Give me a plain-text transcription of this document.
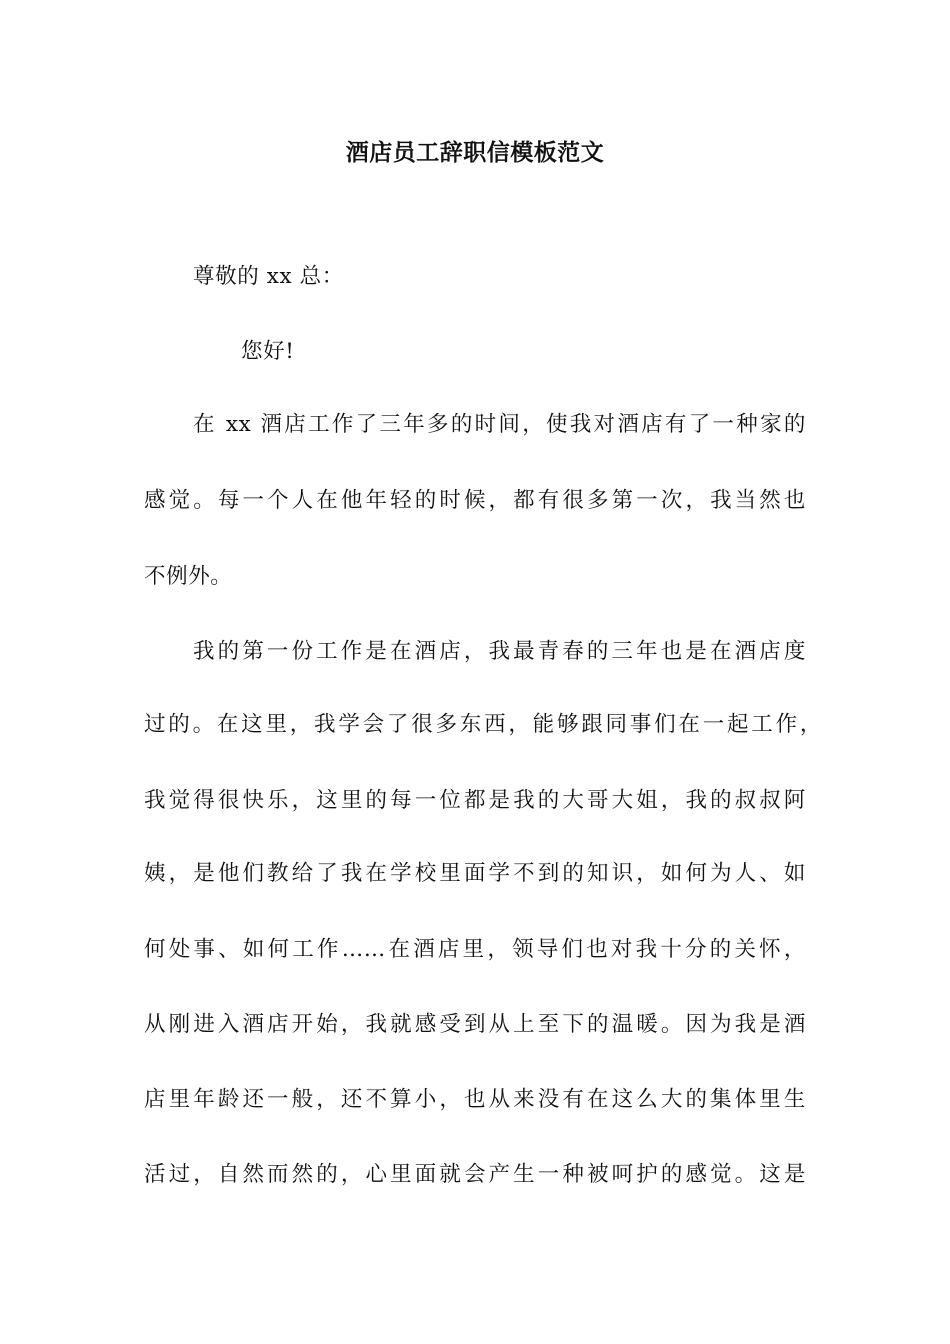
酒店员工辞职信模板范文
尊敬的 xx 总：
您好!
在 xx 酒店工作了三年多的时间，使我对酒店有了一种家的
感觉。每一个人在他年轻的时候，都有很多第一次，我当然也
不例外。
我的第一份工作是在酒店，我最青春的三年也是在酒店度
过的。在这里，我学会了很多东西，能够跟同事们在一起工作，
我觉得很快乐，这里的每一位都是我的大哥大姐，我的叔叔阿
姨，是他们教给了我在学校里面学不到的知识，如何为人、如
何处事、如何工作……在酒店里，领导们也对我十分的关怀，
从刚进入酒店开始，我就感受到从上至下的温暖。因为我是酒
店里年龄还一般，还不算小，也从来没有在这么大的集体里生
活过，自然而然的，心里面就会产生一种被呵护的感觉。这是
